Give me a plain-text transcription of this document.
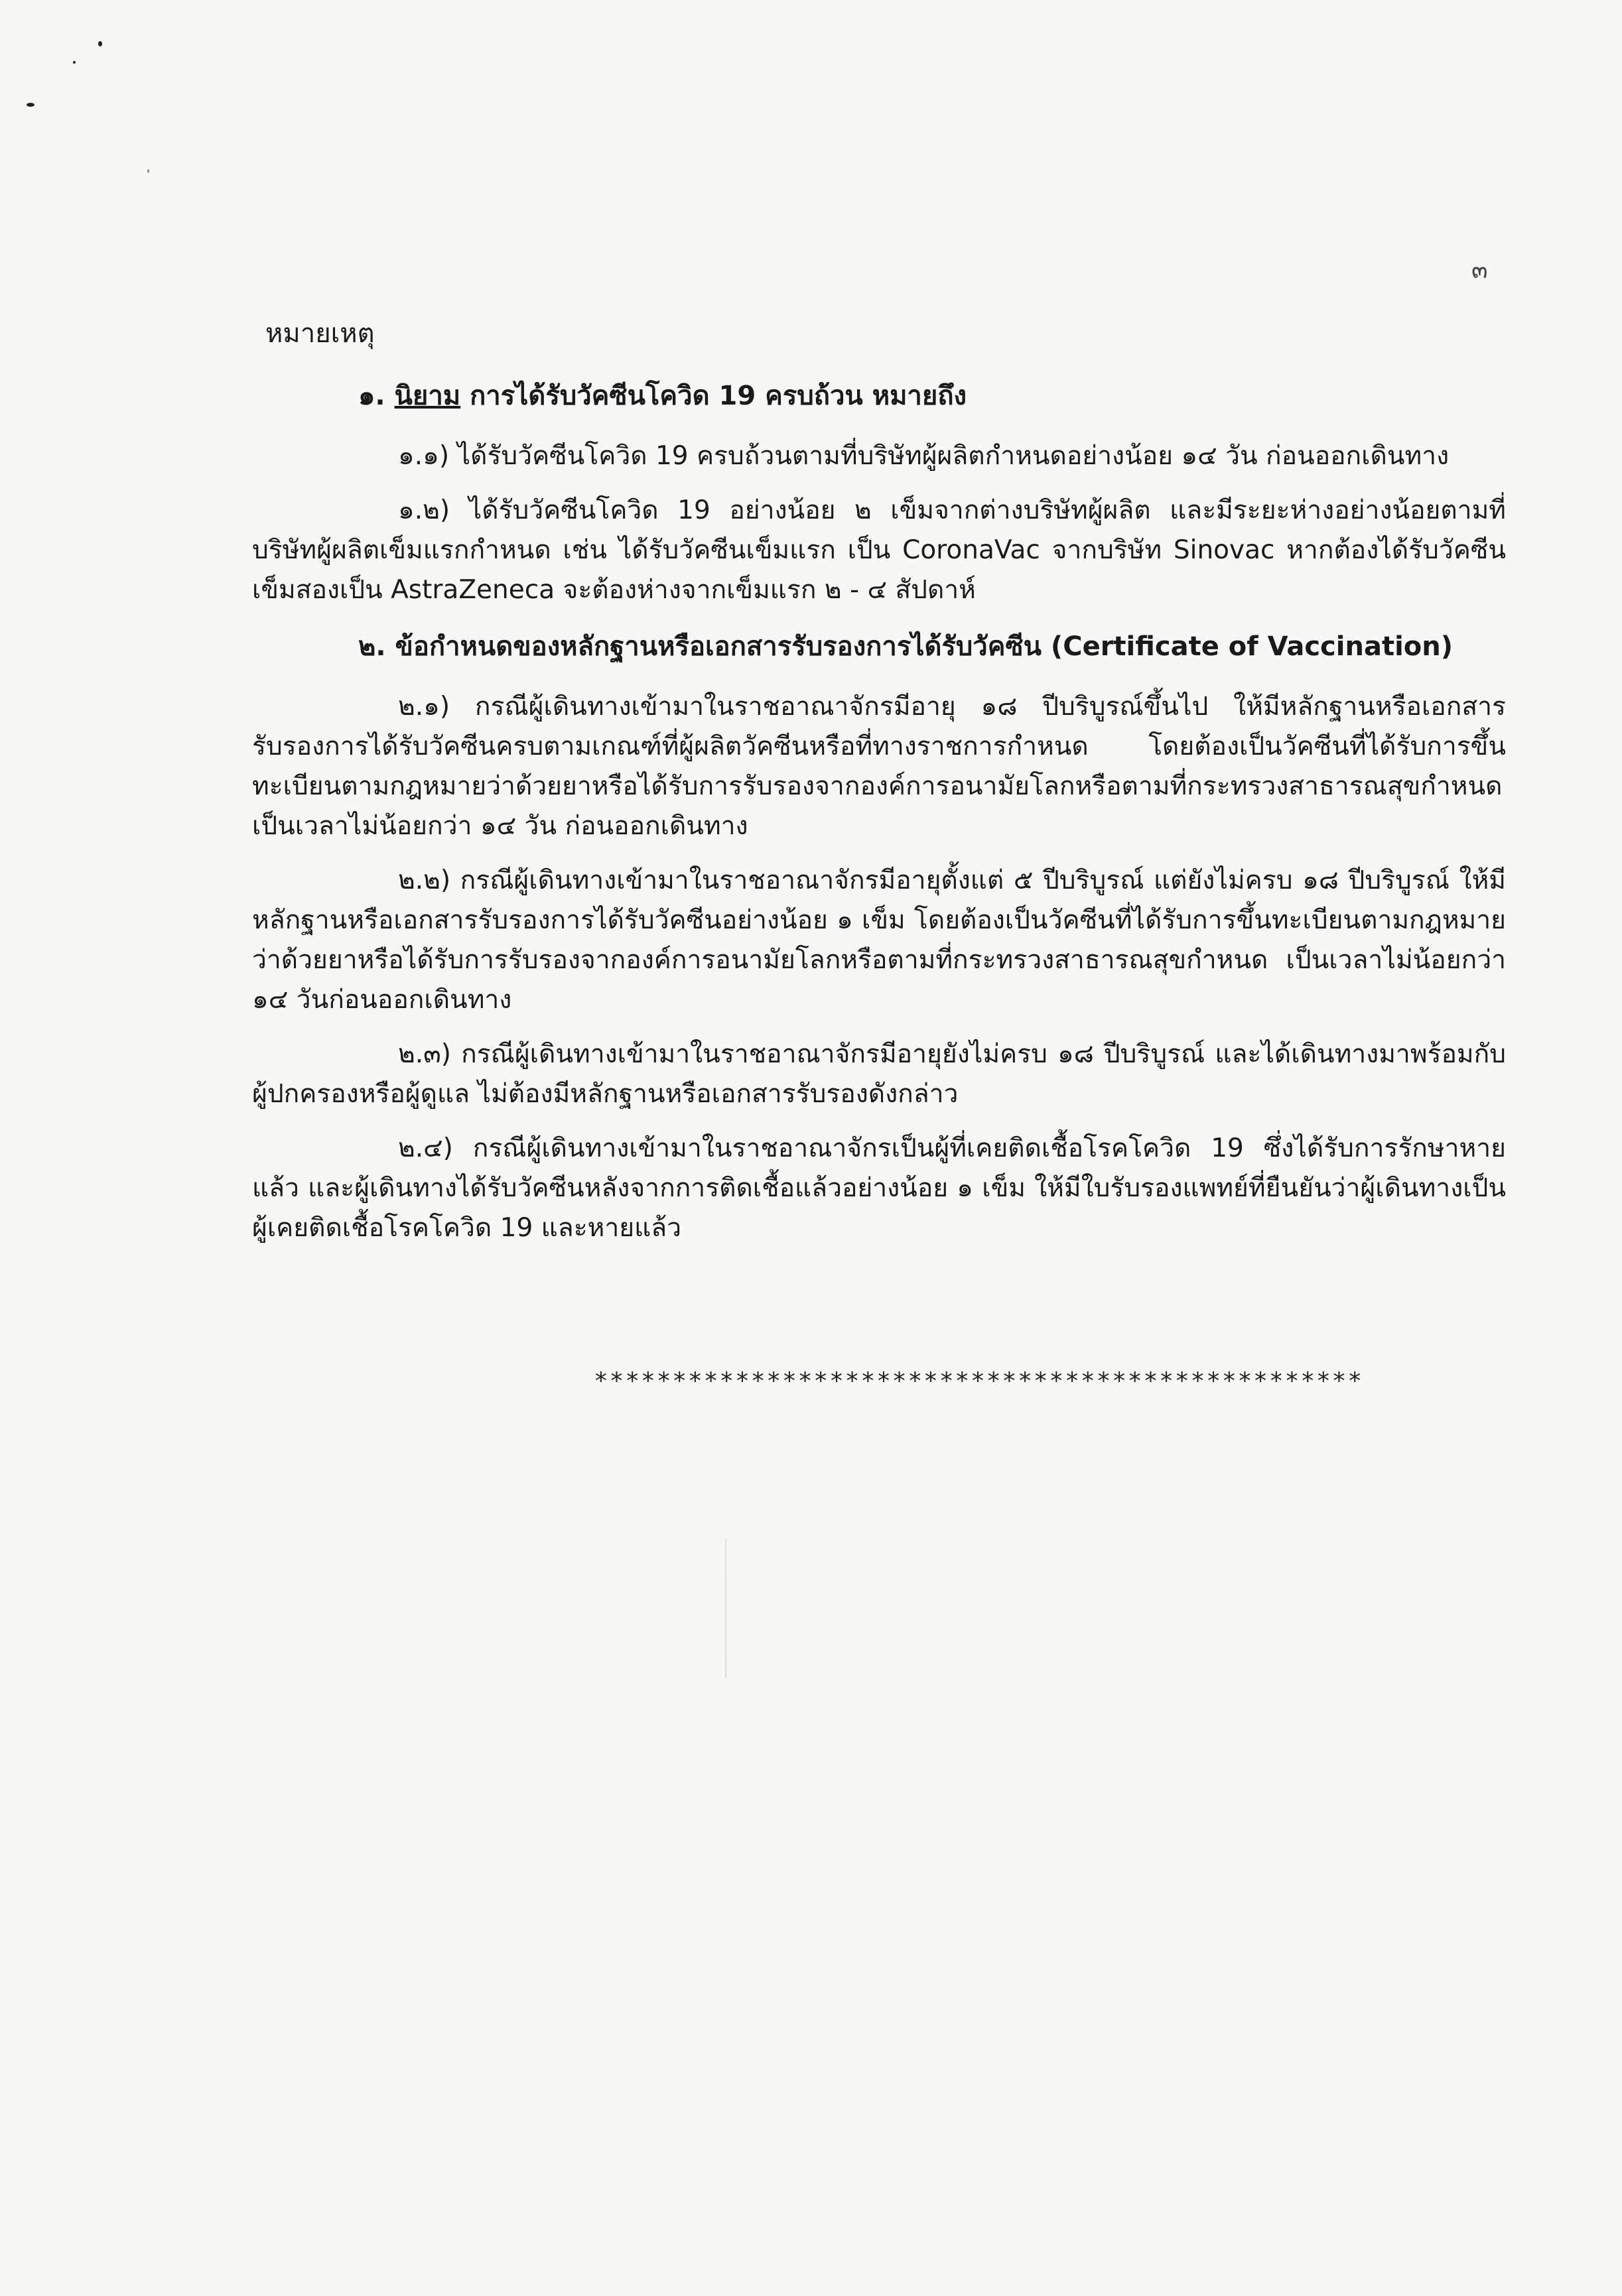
๓
หมายเหตุ
๑. นิยาม การได้รับวัคซีนโควิด 19 ครบถ้วน หมายถึง

๑.๑) ได้รับวัคซีนโควิด 19 ครบถ้วนตามที่บริษัทผู้ผลิตกำหนดอย่างน้อย ๑๔ วัน ก่อนออกเดินทาง

๑.๒) ได้รับวัคซีนโควิด 19 อย่างน้อย ๒ เข็มจากต่างบริษัทผู้ผลิต และมีระยะห่างอย่างน้อยตามที่บริษัทผู้ผลิตเข็มแรกกำหนด เช่น ได้รับวัคซีนเข็มแรก เป็น CoronaVac จากบริษัท Sinovac หากต้องได้รับวัคซีนเข็มสองเป็น AstraZeneca จะต้องห่างจากเข็มแรก ๒ - ๔ สัปดาห์

๒. ข้อกำหนดของหลักฐานหรือเอกสารรับรองการได้รับวัคซีน (Certificate of Vaccination)

๒.๑) กรณีผู้เดินทางเข้ามาในราชอาณาจักรมีอายุ ๑๘ ปีบริบูรณ์ขึ้นไป ให้มีหลักฐานหรือเอกสารรับรองการได้รับวัคซีนครบตามเกณฑ์ที่ผู้ผลิตวัคซีนหรือที่ทางราชการกำหนด โดยต้องเป็นวัคซีนที่ได้รับการขึ้นทะเบียนตามกฎหมายว่าด้วยยาหรือได้รับการรับรองจากองค์การอนามัยโลกหรือตามที่กระทรวงสาธารณสุขกำหนด เป็นเวลาไม่น้อยกว่า ๑๔ วัน ก่อนออกเดินทาง

๒.๒) กรณีผู้เดินทางเข้ามาในราชอาณาจักรมีอายุตั้งแต่ ๕ ปีบริบูรณ์ แต่ยังไม่ครบ ๑๘ ปีบริบูรณ์ ให้มีหลักฐานหรือเอกสารรับรองการได้รับวัคซีนอย่างน้อย ๑ เข็ม โดยต้องเป็นวัคซีนที่ได้รับการขึ้นทะเบียนตามกฎหมายว่าด้วยยาหรือได้รับการรับรองจากองค์การอนามัยโลกหรือตามที่กระทรวงสาธารณสุขกำหนด เป็นเวลาไม่น้อยกว่า ๑๔ วันก่อนออกเดินทาง

๒.๓) กรณีผู้เดินทางเข้ามาในราชอาณาจักรมีอายุยังไม่ครบ ๑๘ ปีบริบูรณ์ และได้เดินทางมาพร้อมกับผู้ปกครองหรือผู้ดูแล ไม่ต้องมีหลักฐานหรือเอกสารรับรองดังกล่าว

๒.๔) กรณีผู้เดินทางเข้ามาในราชอาณาจักรเป็นผู้ที่เคยติดเชื้อโรคโควิด 19 ซึ่งได้รับการรักษาหายแล้ว และผู้เดินทางได้รับวัคซีนหลังจากการติดเชื้อแล้วอย่างน้อย ๑ เข็ม ให้มีใบรับรองแพทย์ที่ยืนยันว่าผู้เดินทางเป็นผู้เคยติดเชื้อโรคโควิด 19 และหายแล้ว

*************************************************
